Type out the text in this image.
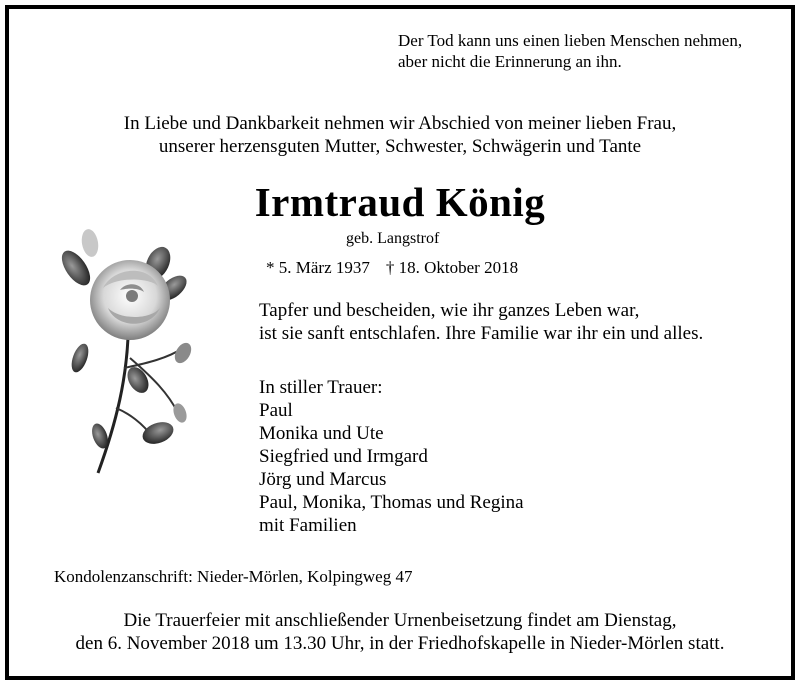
Der Tod kann uns einen lieben Menschen nehmen,
aber nicht die Erinnerung an ihn.
In Liebe und Dankbarkeit nehmen wir Abschied von meiner lieben Frau,
unserer herzensguten Mutter, Schwester, Schwägerin und Tante
Irmtraud König
geb. Langstrof
* 5. März 1937 † 18. Oktober 2018
Tapfer und bescheiden, wie ihr ganzes Leben war,
ist sie sanft entschlafen. Ihre Familie war ihr ein und alles.
In stiller Trauer:
Paul
Monika und Ute
Siegfried und Irmgard
Jörg und Marcus
Paul, Monika, Thomas und Regina
mit Familien
Kondolenzanschrift: Nieder-Mörlen, Kolpingweg 47
Die Trauerfeier mit anschließender Urnenbeisetzung findet am Dienstag,
den 6. November 2018 um 13.30 Uhr, in der Friedhofskapelle in Nieder-Mörlen statt.
